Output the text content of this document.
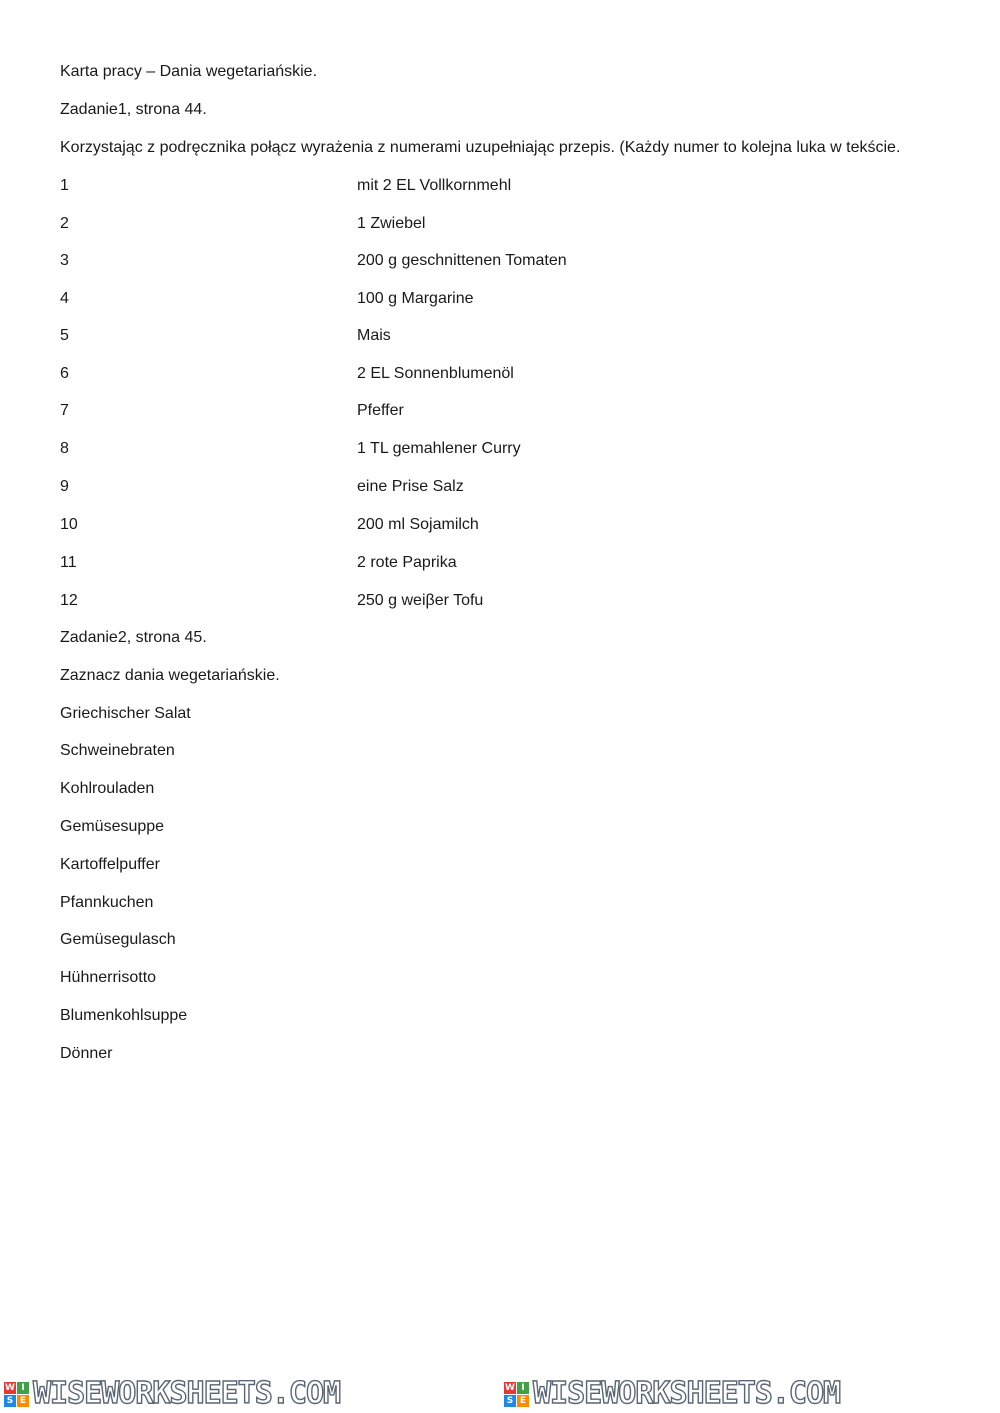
Karta pracy – Dania wegetariańskie.
Zadanie1, strona 44.
Korzystając z podręcznika połącz wyrażenia z numerami uzupełniając przepis. (Każdy numer to kolejna luka w tekście.
1	mit 2 EL Vollkornmehl
2	1 Zwiebel
3	200 g geschnittenen Tomaten
4	100 g Margarine
5	Mais
6	2 EL Sonnenblumenöl
7	Pfeffer
8	1 TL gemahlener Curry
9	eine Prise Salz
10	200 ml Sojamilch
11	2 rote Paprika
12	250 g weiβer Tofu
Zadanie2, strona 45.
Zaznacz dania wegetariańskie.
Griechischer Salat
Schweinebraten
Kohlrouladen
Gemüsesuppe
Kartoffelpuffer
Pfannkuchen
Gemüsegulasch
Hühnerrisotto
Blumenkohlsuppe
Dönner
W I
S E WISEWORKSHEETS.COM	W I
S E WISEWORKSHEETS.COM
